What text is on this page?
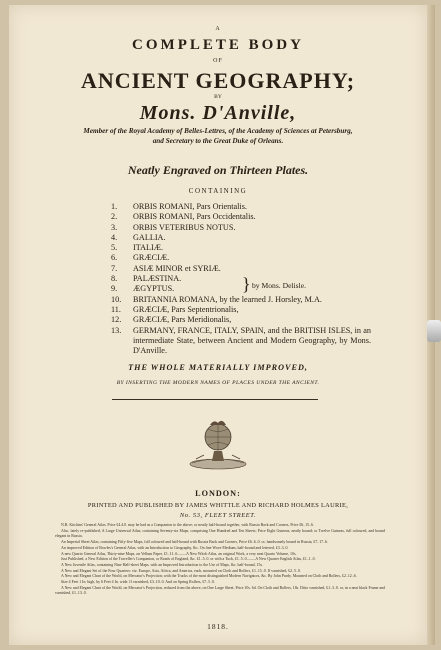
A
COMPLETE BODY
OF
ANCIENT GEOGRAPHY;
BY
Mons. D'Anville,
Member of the Royal Academy of Belles-Lettres, of the Academy of Sciences at Petersburg,
and Secretary to the Great Duke of Orleans.
Neatly Engraved on Thirteen Plates.
CONTAINING
1.	ORBIS ROMANI, Pars Orientalis.
2.	ORBIS ROMANI, Pars Occidentalis.
3.	ORBIS VETERIBUS NOTUS.
4.	GALLIA.
5.	ITALIÆ.
6.	GRÆCIÆ.
7.	ASIÆ MINOR et SYRIÆ.
8.	PALÆSTINA.
9.	ÆGYPTUS.
10.	BRITANNIA ROMANA, by the learned J. Horsley, M.A.
11.	GRÆCIÆ, Pars Septentrionalis,
12.	GRÆCIÆ, Pars Meridionalis,
13.	GERMANY, FRANCE, ITALY, SPAIN, and the BRITISH ISLES, in an intermediate State, between Ancient and Modern Geography, by Mons. D'Anville.
} by Mons. Delisle.
THE WHOLE MATERIALLY IMPROVED,
BY INSERTING THE MODERN NAMES OF PLACES UNDER THE ANCIENT.
LONDON:
PRINTED AND PUBLISHED BY JAMES WHITTLE AND RICHARD HOLMES LAURIE,
No. 53, FLEET STREET.

N.B. Kitchins' General Atlas. Price £4.4.0. may be had as a Companion to the above; or neatly half-bound together, with Russia Back and Corners, Price £6..15..6.

Also, lately re-published, A Large Universal Atlas; containing Seventy-six Maps, comprising One Hundred and Ten Sheets; Price Eight Guineas, neatly bound; or Twelve Guineas, full coloured, and bound elegant in Russia.

An Imperial Sheet Atlas, containing Fifty-five Maps, full coloured and half-bound with Russia Back and Corners, Price £6..6..0. or, handsomely bound in Russia, £7..17..6.

An improved Edition of Bowles's General Atlas, with an Introduction to Geography, &c. On fine Wove Medium, half-bound and lettered, £3..3..0.

A new Quarto General Atlas, Thirty-nine Maps, on Vellum Paper, £1..11..6.——A New Witch Atlas, an original Work, a very neat Quarto Volume, 10s.

Just Published, a New Edition of the Traveller's Companion, or Roads of England, &c. £1..5..0. or with a Tuck, £1..5..0.——A New Quarter English Atlas, £1..1..0.

A New Juvenile Atlas, containing Nine Half-sheet Maps, with an Improved Introduction to the Use of Maps, &c. half-bound, 15s.

A New and Elegant Set of the Four Quarters: viz. Europe, Asia, Africa, and America, each, mounted on Cloth and Rollers, £1..15..0. If varnished, £2..5..0.

A New and Elegant Chart of the World, on Mercator's Projection; with the Tracks of the most distinguished Modern Navigators, &c. By John Purdy. Mounted on Cloth and Rollers, £2..12..6.

Size 4 Feet 1 In. high, by 6 Feet 4 In. wide. If varnished, £3..10..0. And on Spring Rollers, £7..5..0.

A New and Elegant Chart of the World, on Mercator's Projection, reduced from the above, on One Large Sheet, Price 10s. 6d. On Cloth and Rollers, 18s. Ditto varnished, £1..3..0. or, in a neat black Frame and varnished, £1..13..0.

1818.
